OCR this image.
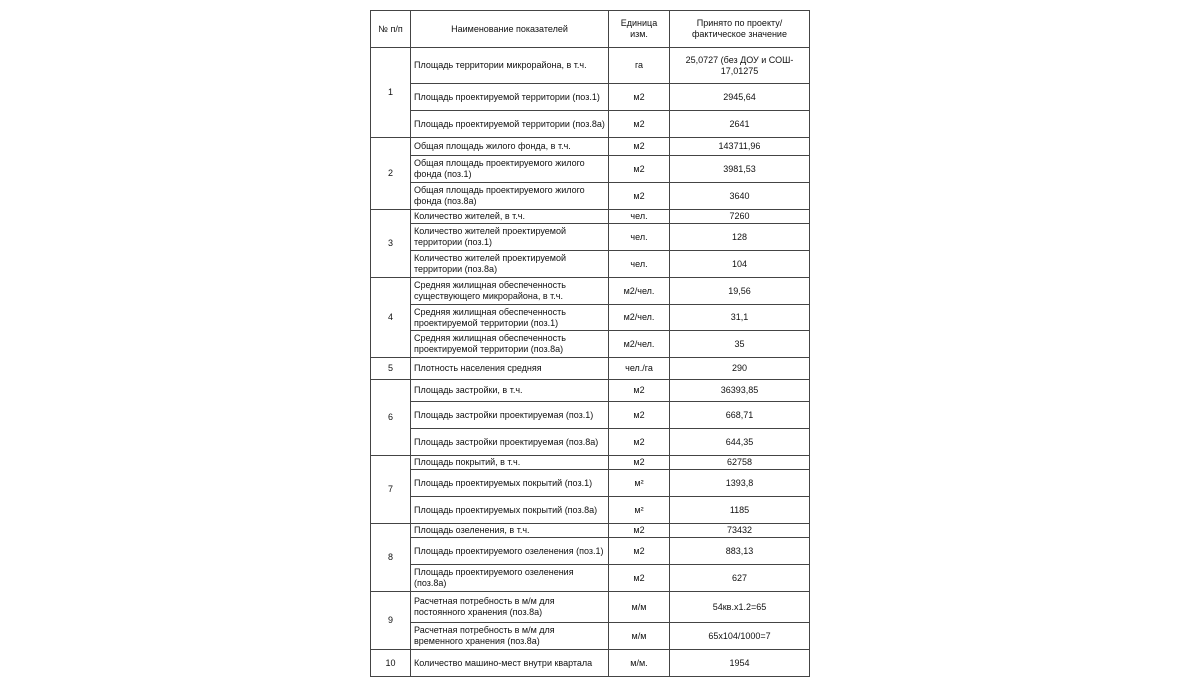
№ п/п	Наименование показателей	Единица изм.	Принято по проекту/ фактическое значение
1	Площадь территории микрорайона, в т.ч.	га	25,0727 (без ДОУ и СОШ- 17,01275
	Площадь проектируемой территории (поз.1)	м2	2945,64
	Площадь проектируемой территории (поз.8а)	м2	2641
2	Общая площадь жилого фонда, в т.ч.	м2	143711,96
	Общая площадь проектируемого жилого фонда (поз.1)	м2	3981,53
	Общая площадь проектируемого жилого фонда (поз.8а)	м2	3640
3	Количество жителей, в т.ч.	чел.	7260
	Количество жителей проектируемой территории (поз.1)	чел.	128
	Количество жителей проектируемой территории (поз.8а)	чел.	104
4	Средняя жилищная обеспеченность существующего микрорайона, в т.ч.	м2/чел.	19,56
	Средняя жилищная обеспеченность проектируемой территории (поз.1)	м2/чел.	31,1
	Средняя жилищная обеспеченность проектируемой территории (поз.8а)	м2/чел.	35
5	Плотность населения средняя	чел./га	290
6	Площадь застройки, в т.ч.	м2	36393,85
	Площадь застройки проектируемая (поз.1)	м2	668,71
	Площадь застройки проектируемая (поз.8а)	м2	644,35
7	Площадь покрытий, в т.ч.	м2	62758
	Площадь проектируемых покрытий (поз.1)	м²	1393,8
	Площадь проектируемых покрытий (поз.8а)	м²	1185
8	Площадь озеленения, в т.ч.	м2	73432
	Площадь проектируемого озеленения (поз.1)	м2	883,13
	Площадь проектируемого озеленения (поз.8а)	м2	627
9	Расчетная потребность в м/м для постоянного хранения (поз.8а)	м/м	54кв.х1.2=65
	Расчетная потребность в м/м для временного хранения (поз.8а)	м/м	65х104/1000=7
10	Количество машино-мест внутри квартала	м/м.	1954
